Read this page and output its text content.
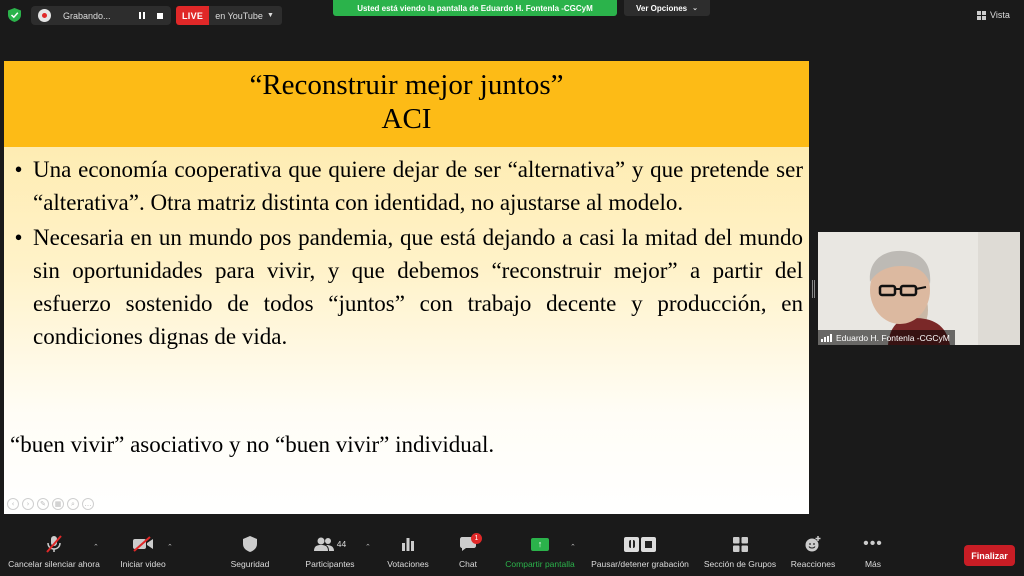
Grabando...	LIVE	en YouTube ▼
Usted está viendo la pantalla de Eduardo H. Fontenla -CGCyM	Ver Opciones ⌄
Vista
“Reconstruir mejor juntos”
ACI
• Una economía cooperativa que quiere dejar de ser “alternativa” y que pretende ser “alterativa”. Otra matriz distinta con identidad, no ajustarse al modelo.
• Necesaria en un mundo pos pandemia, que está dejando a casi la mitad del mundo sin oportunidades para vivir, y que debemos “reconstruir mejor” a partir del esfuerzo sostenido de todos “juntos” con trabajo decente y producción, en condiciones dignas de vida.
“buen vivir” asociativo y no “buen vivir” individual.
‹	›	✎	▦	⌕	…
Eduardo H. Fontenla -CGCyM
Cancelar silenciar ahora
⌃
Iniciar video
⌃
Seguridad
44
Participantes
⌃
Votaciones
1
Chat
↑
Compartir pantalla
⌃
Pausar/detener grabación Sección de Grupos Reacciones
•••
Más
Finalizar
